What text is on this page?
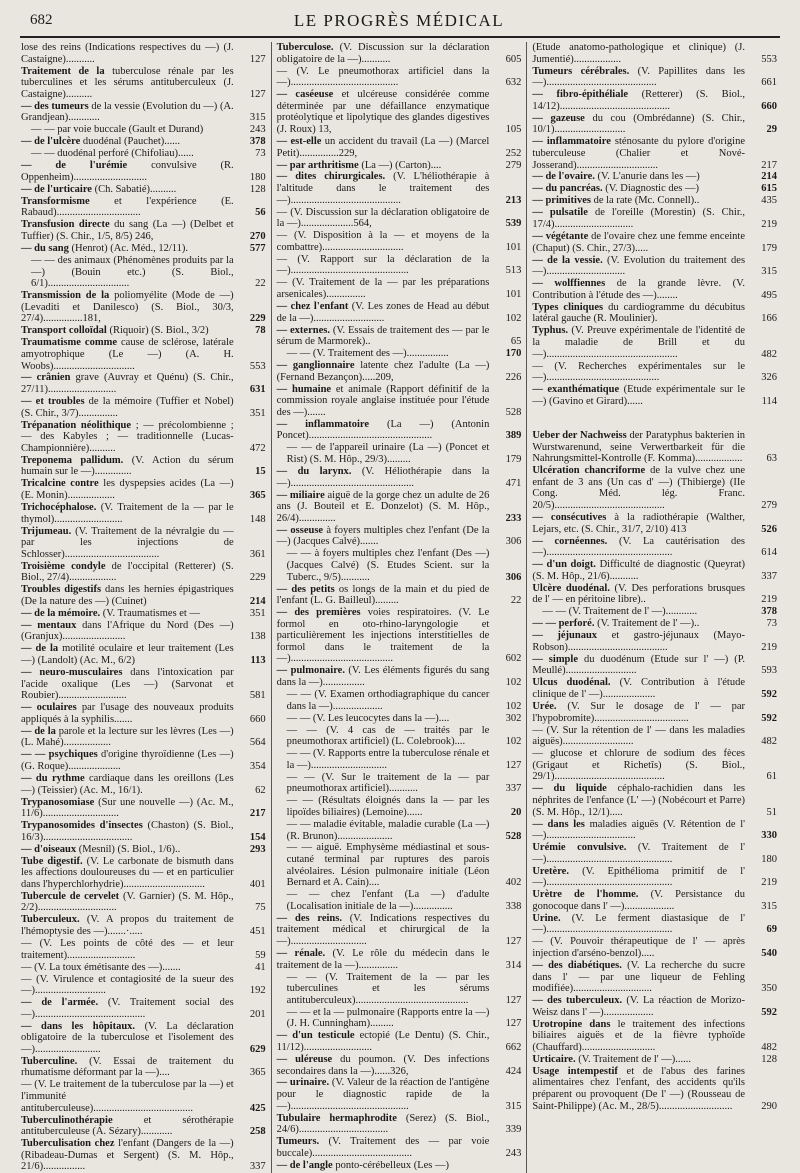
682	LE PROGRÈS MÉDICAL
lose des reins (Indications respectives du —) (J. Castaigne)...........	127
Traitement de la tuberculose rénale par les tuberculines et les sérums antituberculeux (J. Castaigne)..........	127
— des tumeurs de la vessie (Evolution du —) (A. Grandjean)............	315
— — par voie buccale (Gault et Durand)	243
— de l'ulcère duodénal (Pauchet)......	378
— — duodénal perforé (Chifoliau)......	73
— de l'urémie convulsive (R. Oppenheim)............................	180
— de l'urticaire (Ch. Sabatié)..........	128
Transformisme et l'expérience (E. Rabaud)................................	56
Transfusion directe du sang (La —) (Delbet et Tuffier) (S. Chir., 1/5, 8/5) 246,	270
— du sang (Henrot) (Ac. Méd., 12/11).	577
— — des animaux (Phénomènes produits par la —) (Bouin etc.) (S. Biol., 6/1)...............................	22
Transmission de la poliomyélite (Mode de —) (Levaditi et Danilesco) (S. Biol., 30/3, 27/4)...............181,	229
Transport colloïdal (Riquoir) (S. Biol., 3/2)	78
Traumatisme comme cause de sclérose, latérale amyotrophique (Le —) (A. H. Woobs)...............................	553
— crânien grave (Auvray et Quénu) (S. Chir., 27/11)..........................	631
— et troubles de la mémoire (Tuffier et Nobel) (S. Chir., 3/7)...............	351
Trépanation néolithique ; — précolombienne ; — des Kabyles ; — traditionnelle (Lucas-Championnière)..........	472
Treponema pallidum. (V. Action du sérum humain sur le —)..............	15
Tricalcine contre les dyspepsies acides (La —) (E. Monin)..................	365
Trichocéphalose. (V. Traitement de la — par le thymol)..........................	148
Trijumeau. (V. Traitement de la névralgie du — par les injections de Schlosser)....................................	361
Troisième condyle de l'occipital (Retterer) (S. Biol., 27/4)..................	229
Troubles digestifs dans les hernies épigastriques (De la nature des —) (Cuinet)	214
— de la mémoire. (V. Traumatismes et —	351
— mentaux dans l'Afrique du Nord (Des —) (Granjux)........................	138
— de la motilité oculaire et leur traitement (Les —) (Landolt) (Ac. M., 6/2)	113
— neuro-musculaires dans l'intoxication par l'acide oxalique (Les —) (Sarvonat et Roubier)..........................	581
— oculaires par l'usage des nouveaux produits appliqués à la syphilis.......	660
— de la parole et la lecture sur les lèvres (Les —) (L. Mahé)..................	564
— — psychiques d'origine thyroïdienne (Les —) (G. Roque)....................	354
— du rythme cardiaque dans les oreillons (Les —) (Teissier) (Ac. M., 16/1).	62
Trypanosomiase (Sur une nouvelle —) (Ac. M., 11/6).............................	217
Trypanosomides d'insectes (Chaston) (S. Biol., 16/3)..................................	154
— d'oiseaux (Mesnil) (S. Biol., 1/6)..	293
Tube digestif. (V. Le carbonate de bismuth dans les affections douloureuses du — et en particulier dans l'hyperchlorhydrie)...............................	401
Tubercule de cervelet (V. Garnier) (S. M. Hôp., 2/2)..............................	75
Tuberculeux. (V. A propos du traitement de l'hémoptysie des —).......·.....	451
— (V. Les points de côté des — et leur traitement)..........................	59
— (V. La toux émétisante des —).......	41
— (V. Virulence et contagiosité de la sueur des —)...........................	192
— de l'armée. (V. Traitement social des —)..........................................	201
— dans les hôpitaux. (V. La déclaration obligatoire de la tuberculose et l'isolement des —).........................	629
Tuberculine. (V. Essai de traitement du rhumatisme déformant par la —)....	365
— (V. Le traitement de la tuberculose par la —) et l'immunité antituberculeuse)......................................	425
Tuberculinothérapie et sérothérapie antituberculeuse (A. Sézary)............	258
Tuberculisation chez l'enfant (Dangers de la —) (Ribadeau-Dumas et Sergent) (S. M. Hôp., 21/6)................	337
Tuberculose. (V. Discussion sur la déclaration obligatoire de la —)...........	605
— (V. Le pneumothorax artificiel dans la —).........................................	632
— caséeuse et ulcéreuse considérée comme déterminée par une défaillance enzymatique protéolytique et lipolytique des glandes digestives (J. Roux) 13,	105
— est-elle un accident du travail (La —) (Marcel Petit)...............229,	252
— par arthritisme (La —) (Carton)....	279
— dites chirurgicales. (V. L'héliothérapie à l'altitude dans le traitement des —)..........................................	213
— (V. Discussion sur la déclaration obligatoire de la —)....................564,	539
— (V. Disposition à la — et moyens de la combattre)...............................	101
— (V. Rapport sur la déclaration de la —).............................................	513
— (V. Traitement de la — par les préparations arsenicales)...............	101
— chez l'enfant (V. Les zones de Head au début de la —)...........................	102
— externes. (V. Essais de traitement des — par le sérum de Marmorek)..	65
— — (V. Traitement des —)................	170
— ganglionnaire latente chez l'adulte (La —) (Fernand Bezançon).....209,	226
— humaine et animale (Rapport définitif de la commission royale anglaise instituée pour l'étude des —).......	528
— inflammatoire (La —) (Antonin Poncet)...............................................	389
— — de l'appareil urinaire (La —) (Poncet et Rist) (S. M. Hôp., 29/3).........	179
— du larynx. (V. Héliothérapie dans la —)...............................................	471
— miliaire aiguë de la gorge chez un adulte de 26 ans (J. Bouteil et E. Donzelot) (S. M. Hôp., 26/4)..............	233
— osseuse à foyers multiples chez l'enfant (De la —) (Jacques Calvé).......	306
— — à foyers multiples chez l'enfant (Des —) (Jacques Calvé) (S. Etudes Scient. sur la Tuberc., 9/5)...........	306
— des petits os longs de la main et du pied de l'enfant (L. G. Bailleul).........	22
— des premières voies respiratoires. (V. Le formol en oto-rhino-laryngologie et particulièrement les injections interstitielles de formol dans le traitement de la —).......................................	602
— pulmonaire. (V. Les éléments figurés du sang dans la —)................	102
— — (V. Examen orthodiagraphique du cancer dans la —)...................	102
— — (V. Les leucocytes dans la —)....	302
— — (V. 4 cas de — traités par le pneumothorax artificiel) (L. Colebrook)....	102
— — (V. Rapports entre la tuberculose rénale et la —).............................	127
— — (V. Sur le traitement de la — par pneumothorax artificiel)...........	337
— — (Résultats éloignés dans la — par les lipoïdes biliaires) (Lemoine)......	20
— — maladie évitable, maladie curable (La —) (R. Brunon).....................	528
— — aiguë. Emphysème médiastinal et sous-cutané terminal par ruptures des parois alvéolaires. Lésion pulmonaire initiale (Léon Bernard et A. Cain)....	402
— — chez l'enfant (La —) d'adulte (Localisation initiale de la —)...............	338
— des reins. (V. Indications respectives du traitement médical et chirurgical de la —).............................	127
— rénale. (V. Le rôle du médecin dans le traitement de la —)...............	314
— — (V. Traitement de la — par les tuberculines et les sérums antituberculeux)...........................................	127
— — et la — pulmonaire (Rapports entre la —) (J. H. Cunningham).........	127
— d'un testicule ectopié (Le Dentu) (S. Chir., 11/12)..........................	662
— uléreuse du poumon. (V. Des infections secondaires dans la —)......326,	424
— urinaire. (V. Valeur de la réaction de l'antigène pour le diagnostic rapide de la —).............................................	315
Tubulaire hermaphrodite (Serez) (S. Biol., 24/6)..................................	339
Tumeurs. (V. Traitement des — par voie buccale)......................................	243
— de l'angle ponto-cérébelleux (Les —)
(Etude anatomo-pathologique et clinique) (J. Jumentié)..................	553
Tumeurs cérébrales. (V. Papillites dans les —)..........................................	661
— fibro-épithéliale (Retterer) (S. Biol., 14/12)..........................................	660
— gazeuse du cou (Ombrédanne) (S. Chir., 10/1)...........................	29
— inflammatoire sténosante du pylore d'origine tuberculeuse (Chalier et Nové-Josserand)...............................	217
— de l'ovaire. (V. L'anurie dans les —)	214
— du pancréas. (V. Diagnostic des —)	615
— primitives de la rate (Mc. Connell)..	435
— pulsatile de l'oreille (Morestin) (S. Chir., 17/4)..............................	219
— végétante de l'ovaire chez une femme enceinte (Chaput) (S. Chir., 27/3).....	179
— de la vessie. (V. Evolution du traitement des —)..............................	315
— wolffiennes de la grande lèvre. (V. Contribution à l'étude des —)........	495
Types cliniques du cardiogramme du décubitus latéral gauche (R. Moulinier).	166
Typhus. (V. Preuve expérimentale de l'identité de la maladie de Brill et du —)..................................................	482
— (V. Recherches expérimentales sur le —)...........................................	326
— exanthématique (Etude expérimentale sur le —) (Gavino et Girard)......	114
Ueber der Nachweiss der Paratyphus bakterien in Wurstwarenund, seine Verwertbarkeit für die Nahrungsmittel-Kontrolle (F. Komma)..................	63
Ulcération chancriforme de la vulve chez une enfant de 3 ans (Un cas d' —) (Thibierge) (IIe Cong. Méd. lég. Franc. 20/5)..........................................	279
— consécutives à la radiothérapie (Walther, Lejars, etc. (S. Chir., 31/7, 2/10) 413	526
— cornéennes. (V. La cautérisation des —)................................................	614
— d'un doigt. Difficulté de diagnostic (Queyrat) (S. M. Hôp., 21/6)...........	337
Ulcère duodénal. (V. Des perforations brusques de l' — en péritoine libre)..	219
— — (V. Traitement de l' —)............	378
— — perforé. (V. Traitement de l' —)..	73
— jéjunaux et gastro-jéjunaux (Mayo-Robson)......................................	219
— simple du duodénum (Etude sur l' —) (P. Meullé)...........................	593
Ulcus duodénal. (V. Contribution à l'étude clinique de l' —)....................	592
Urée. (V. Sur le dosage de l' — par l'hypobromite)....................................	592
— (V. Sur la rétention de l' — dans les maladies aiguës)...........................	482
— glucose et chlorure de sodium des fèces (Grigaut et Richetîs) (S. Biol., 29/1)..........................................	61
— du liquide céphalo-rachidien dans les néphrites de l'enfance (L' —) (Nobécourt et Parre) (S. M. Hôp., 12/1).....	51
— dans les maladies aiguës (V. Rétention de l' —)..................................	330
Urémie convulsive. (V. Traitement de l' —)................................................	180
Uretère. (V. Epithélioma primitif de l' —)................................................	219
Urètre de l'homme. (V. Persistance du gonocoque dans l' —)...................	315
Urine. (V. Le ferment diastasique de l' —)................................................	69
— (V. Pouvoir thérapeutique de l' — après injection d'arséno-benzol).....	540
— des diabétiques. (V. La recherche du sucre dans l' — par une liqueur de Fehling modifiée)..............................	350
— des tuberculeux. (V. La réaction de Morizo-Weisz dans l' —)...................	592
Urotropine dans le traitement des infections biliaires aiguës et de la fièvre typhoïde (Chauffard)............................	482
Urticaire. (V. Traitement de l' —)......	128
Usage intempestif et de l'abus des farines alimentaires chez l'enfant, des accidents qu'ils préparent ou provoquent (De l' —) (Rousseau de Saint-Philippe) (Ac. M., 28/5)............................	290
